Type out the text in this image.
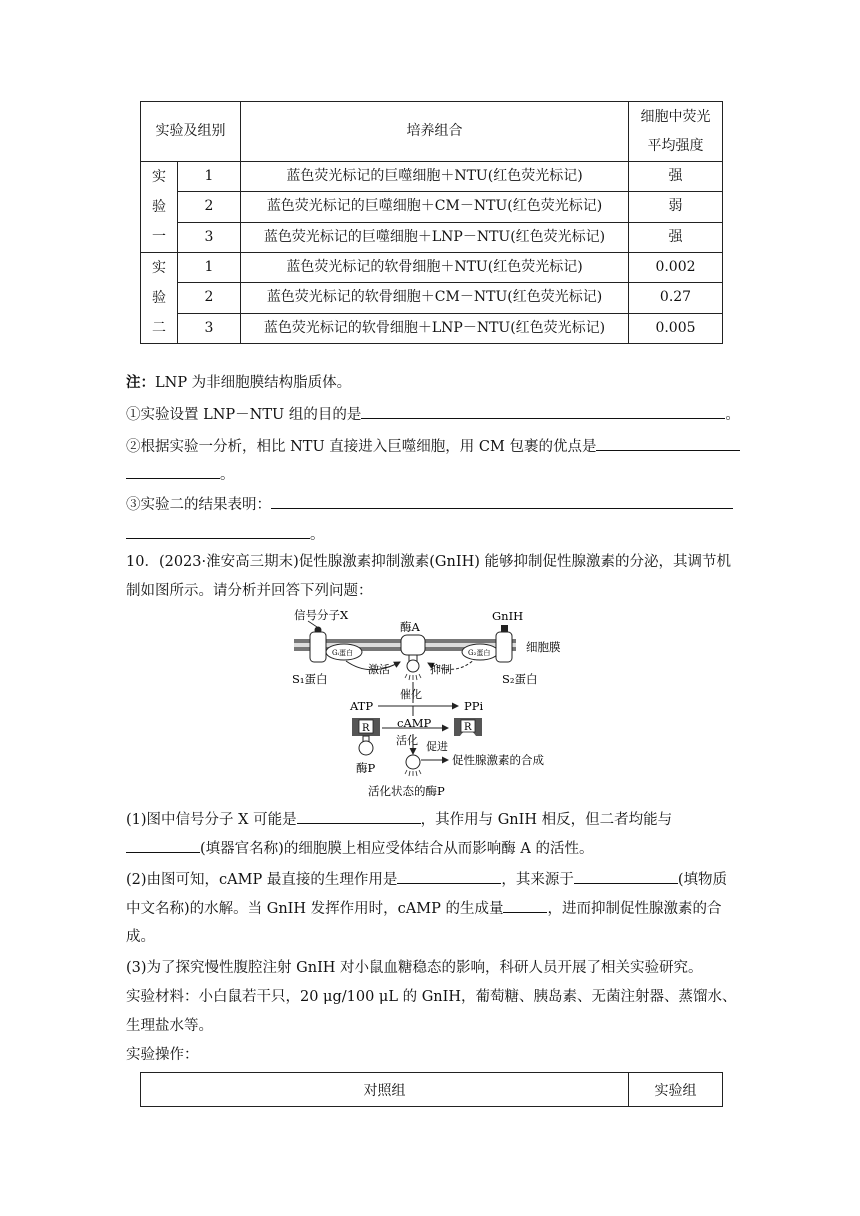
实验及组别		培养组合	细胞中荧光
平均强度

实
验
一	1	蓝色荧光标记的巨噬细胞＋NTU(红色荧光标记)	强
	2	蓝色荧光标记的巨噬细胞＋CM－NTU(红色荧光标记)	弱
	3	蓝色荧光标记的巨噬细胞＋LNP－NTU(红色荧光标记)	强

实
验
二	1	蓝色荧光标记的软骨细胞＋NTU(红色荧光标记)	0.002
	2	蓝色荧光标记的软骨细胞＋CM－NTU(红色荧光标记)	0.27
	3	蓝色荧光标记的软骨细胞＋LNP－NTU(红色荧光标记)	0.005
注：LNP 为非细胞膜结构脂质体。
①实验设置 LNP－NTU 组的目的是	。
②根据实验一分析，相比 NTU 直接进入巨噬细胞，用 CM 包裹的优点是
。
③实验二的结果表明：
。
10．(2023·淮安高三期末)促性腺激素抑制激素(GnIH) 能够抑制促性腺激素的分泌，其调节机
制如图所示。请分析并回答下列问题：
细胞膜
信号分子X
S₁蛋白
Gᵢ蛋白
酶A
激活	抑制
G₂蛋白
GnIH
S₂蛋白
催化
ATP	PPi
cAMP
R
酶P
活化
R
活化状态的酶P
促进
促性腺激素的合成
(1)图中信号分子 X 可能是	，其作用与 GnIH 相反，但二者均能与
(填器官名称)的细胞膜上相应受体结合从而影响酶 A 的活性。
(2)由图可知，cAMP 最直接的生理作用是	，其来源于	(填物质
中文名称)的水解。当 GnIH 发挥作用时，cAMP 的生成量	，进而抑制促性腺激素的合
成。
(3)为了探究慢性腹腔注射 GnIH 对小鼠血糖稳态的影响，科研人员开展了相关实验研究。
实验材料：小白鼠若干只，20 μg/100 μL 的 GnIH，葡萄糖、胰岛素、无菌注射器、蒸馏水、
生理盐水等。
实验操作：
对照组	实验组
